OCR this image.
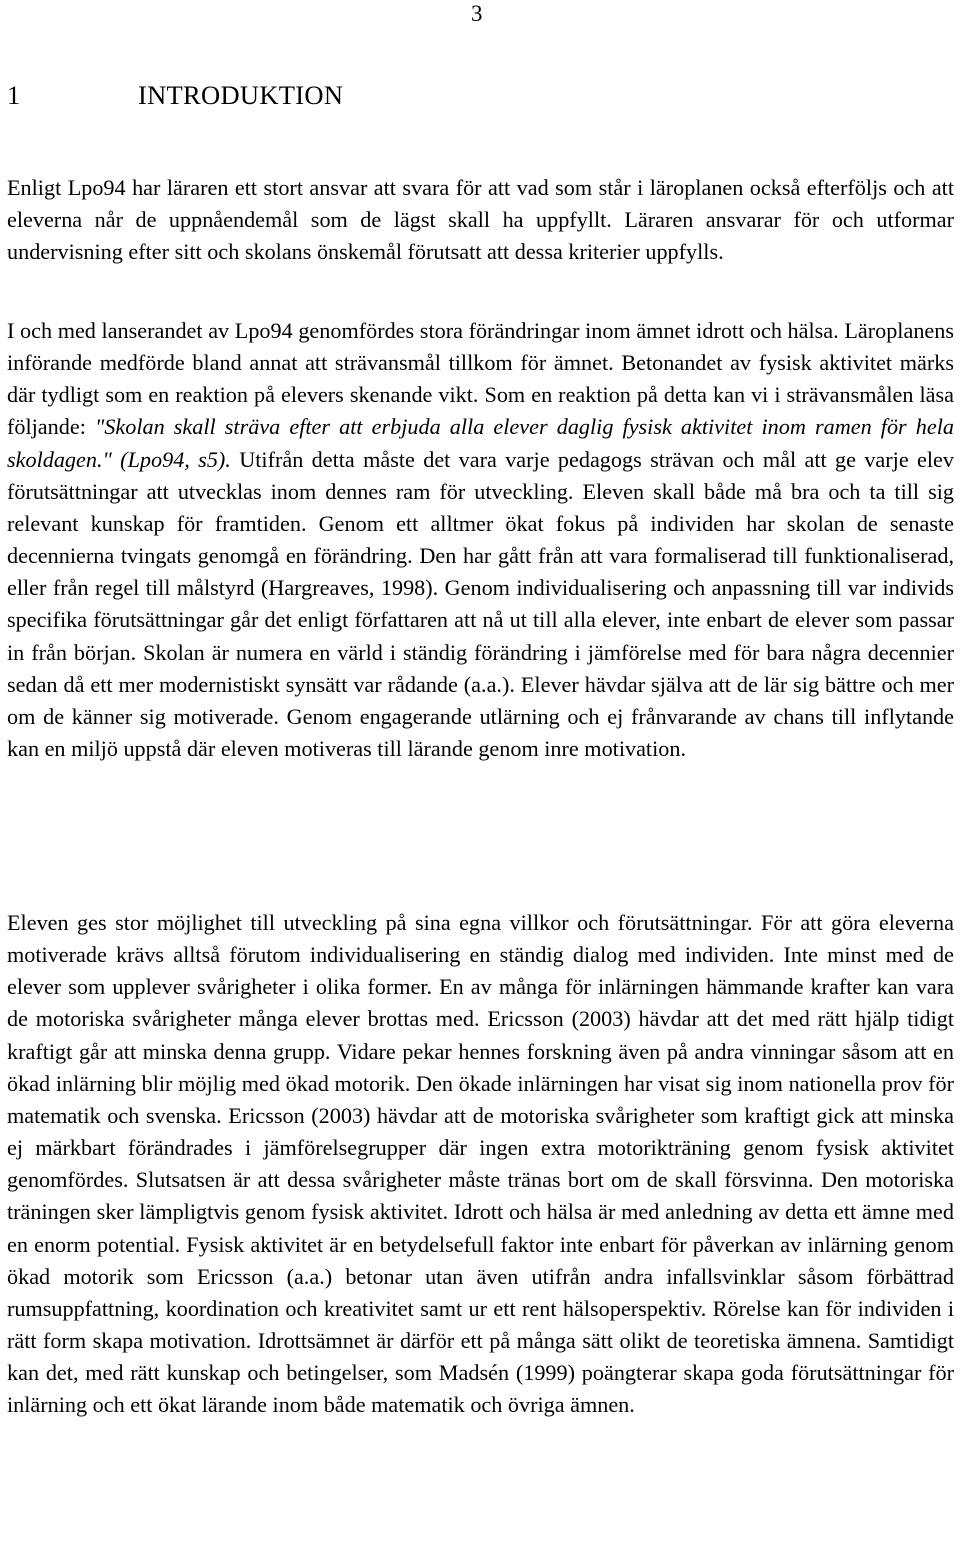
3
1	INTRODUKTION

Enligt Lpo94 har läraren ett stort ansvar att svara för att vad som står i läroplanen också efterföljs och att eleverna når de uppnåendemål som de lägst skall ha uppfyllt. Läraren ansvarar för och utformar undervisning efter sitt och skolans önskemål förutsatt att dessa kriterier uppfylls.

I och med lanserandet av Lpo94 genomfördes stora förändringar inom ämnet idrott och hälsa. Läroplanens införande medförde bland annat att strävansmål tillkom för ämnet. Betonandet av fysisk aktivitet märks där tydligt som en reaktion på elevers skenande vikt. Som en reaktion på detta kan vi i strävansmålen läsa följande: "Skolan skall sträva efter att erbjuda alla elever daglig fysisk aktivitet inom ramen för hela skoldagen." (Lpo94, s5). Utifrån detta måste det vara varje pedagogs strävan och mål att ge varje elev förutsättningar att utvecklas inom dennes ram för utveckling. Eleven skall både må bra och ta till sig relevant kunskap för framtiden. Genom ett alltmer ökat fokus på individen har skolan de senaste decennierna tvingats genomgå en förändring. Den har gått från att vara formaliserad till funktionaliserad, eller från regel till målstyrd (Hargreaves, 1998). Genom individualisering och anpassning till var individs specifika förutsättningar går det enligt författaren att nå ut till alla elever, inte enbart de elever som passar in från början. Skolan är numera en värld i ständig förändring i jämförelse med för bara några decennier sedan då ett mer modernistiskt synsätt var rådande (a.a.). Elever hävdar själva att de lär sig bättre och mer om de känner sig motiverade. Genom engagerande utlärning och ej frånvarande av chans till inflytande kan en miljö uppstå där eleven motiveras till lärande genom inre motivation.

Eleven ges stor möjlighet till utveckling på sina egna villkor och förutsättningar. För att göra eleverna motiverade krävs alltså förutom individualisering en ständig dialog med individen. Inte minst med de elever som upplever svårigheter i olika former. En av många för inlärningen hämmande krafter kan vara de motoriska svårigheter många elever brottas med. Ericsson (2003) hävdar att det med rätt hjälp tidigt kraftigt går att minska denna grupp. Vidare pekar hennes forskning även på andra vinningar såsom att en ökad inlärning blir möjlig med ökad motorik. Den ökade inlärningen har visat sig inom nationella prov för matematik och svenska. Ericsson (2003) hävdar att de motoriska svårigheter som kraftigt gick att minska ej märkbart förändrades i jämförelsegrupper där ingen extra motorikträning genom fysisk aktivitet genomfördes. Slutsatsen är att dessa svårigheter måste tränas bort om de skall försvinna. Den motoriska träningen sker lämpligtvis genom fysisk aktivitet. Idrott och hälsa är med anledning av detta ett ämne med en enorm potential. Fysisk aktivitet är en betydelsefull faktor inte enbart för påverkan av inlärning genom ökad motorik som Ericsson (a.a.) betonar utan även utifrån andra infallsvinklar såsom förbättrad rumsuppfattning, koordination och kreativitet samt ur ett rent hälsoperspektiv. Rörelse kan för individen i rätt form skapa motivation. Idrottsämnet är därför ett på många sätt olikt de teoretiska ämnena. Samtidigt kan det, med rätt kunskap och betingelser, som Madsén (1999) poängterar skapa goda förutsättningar för inlärning och ett ökat lärande inom både matematik och övriga ämnen.
